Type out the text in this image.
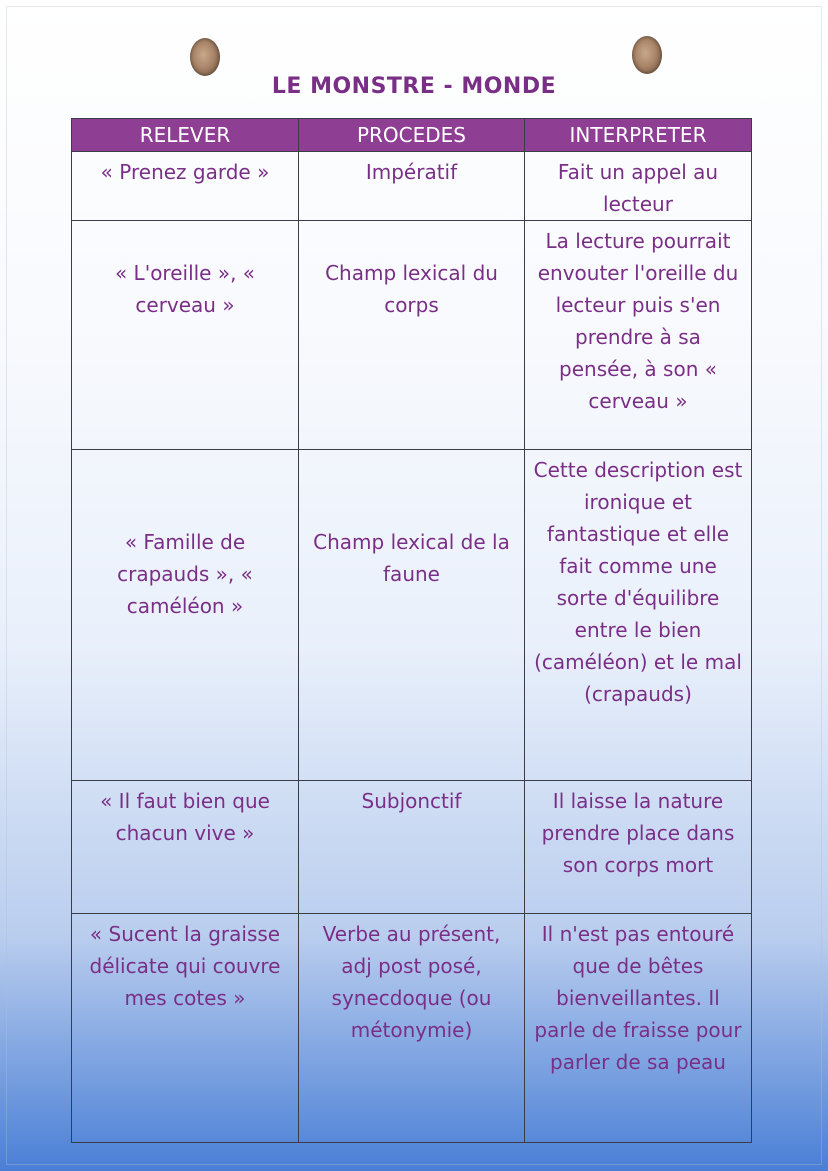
LE MONSTRE - MONDE
RELEVER	PROCEDES	INTERPRETER
« Prenez garde »	Impératif	Fait un appel au lecteur
« L'oreille », « cerveau »	Champ lexical du corps	La lecture pourrait envouter l'oreille du lecteur puis s'en prendre à sa pensée, à son « cerveau »
« Famille de crapauds », « caméléon »	Champ lexical de la faune	Cette description est ironique et fantastique et elle fait comme une sorte d'équilibre entre le bien (caméléon) et le mal (crapauds)
« Il faut bien que chacun vive »	Subjonctif	Il laisse la nature prendre place dans son corps mort
« Sucent la graisse délicate qui couvre mes cotes »	Verbe au présent, adj post posé, synecdoque (ou métonymie)	Il n'est pas entouré que de bêtes bienveillantes. Il parle de fraisse pour parler de sa peau
